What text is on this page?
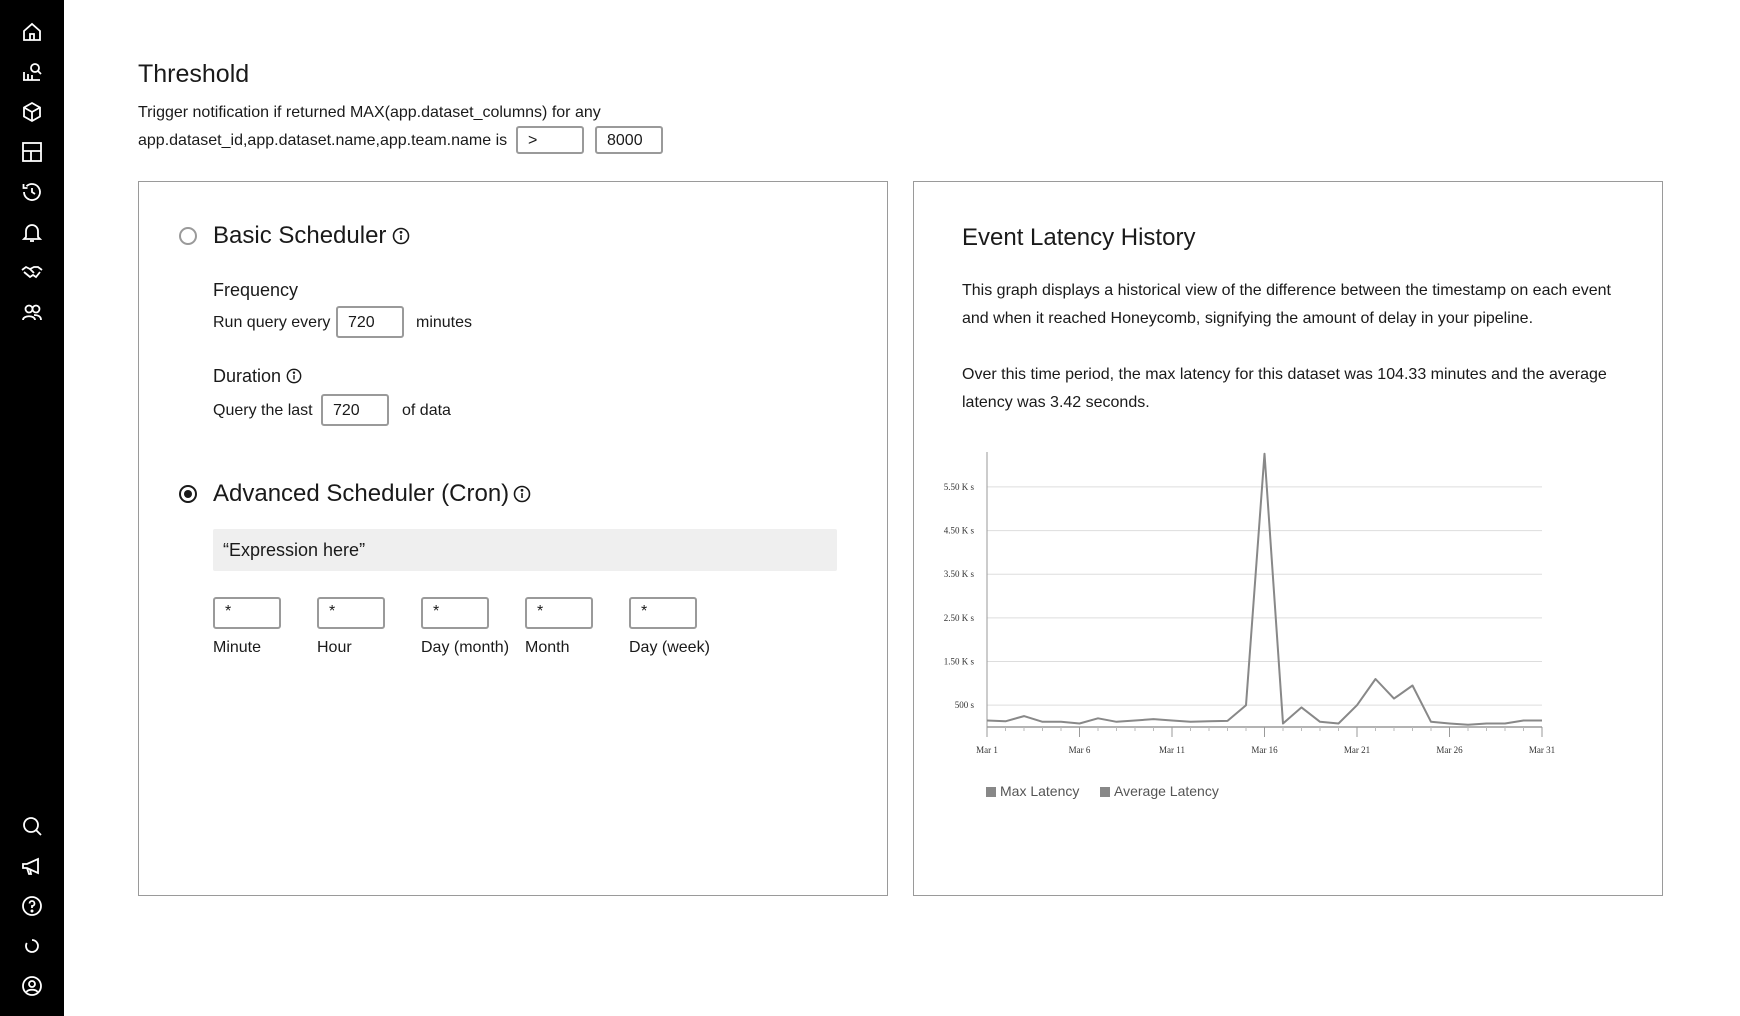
Threshold
Trigger notification if returned MAX(app.dataset_columns) for any
app.dataset_id,app.dataset.name,app.team.name is	>	8000
Basic Scheduler
Frequency
Run query every	720	minutes
Duration
Query the last	720	of data
Advanced Scheduler (Cron)
“Expression here”
*	*	*	*	*
Minute	Hour	Day (month) Month	Day (week)
Event Latency History
This graph displays a historical view of the difference between the timestamp on each event and when it reached Honeycomb, signifying the amount of delay in your pipeline.
Over this time period, the max latency for this dataset was 104.33 minutes and the average latency was 3.42 seconds.
500 s
1.50 K s
2.50 K s
3.50 K s
4.50 K s
5.50 K s
Mar 1	Mar 6	Mar 11	Mar 16	Mar 21	Mar 26	Mar 31
Max Latency	Average Latency
